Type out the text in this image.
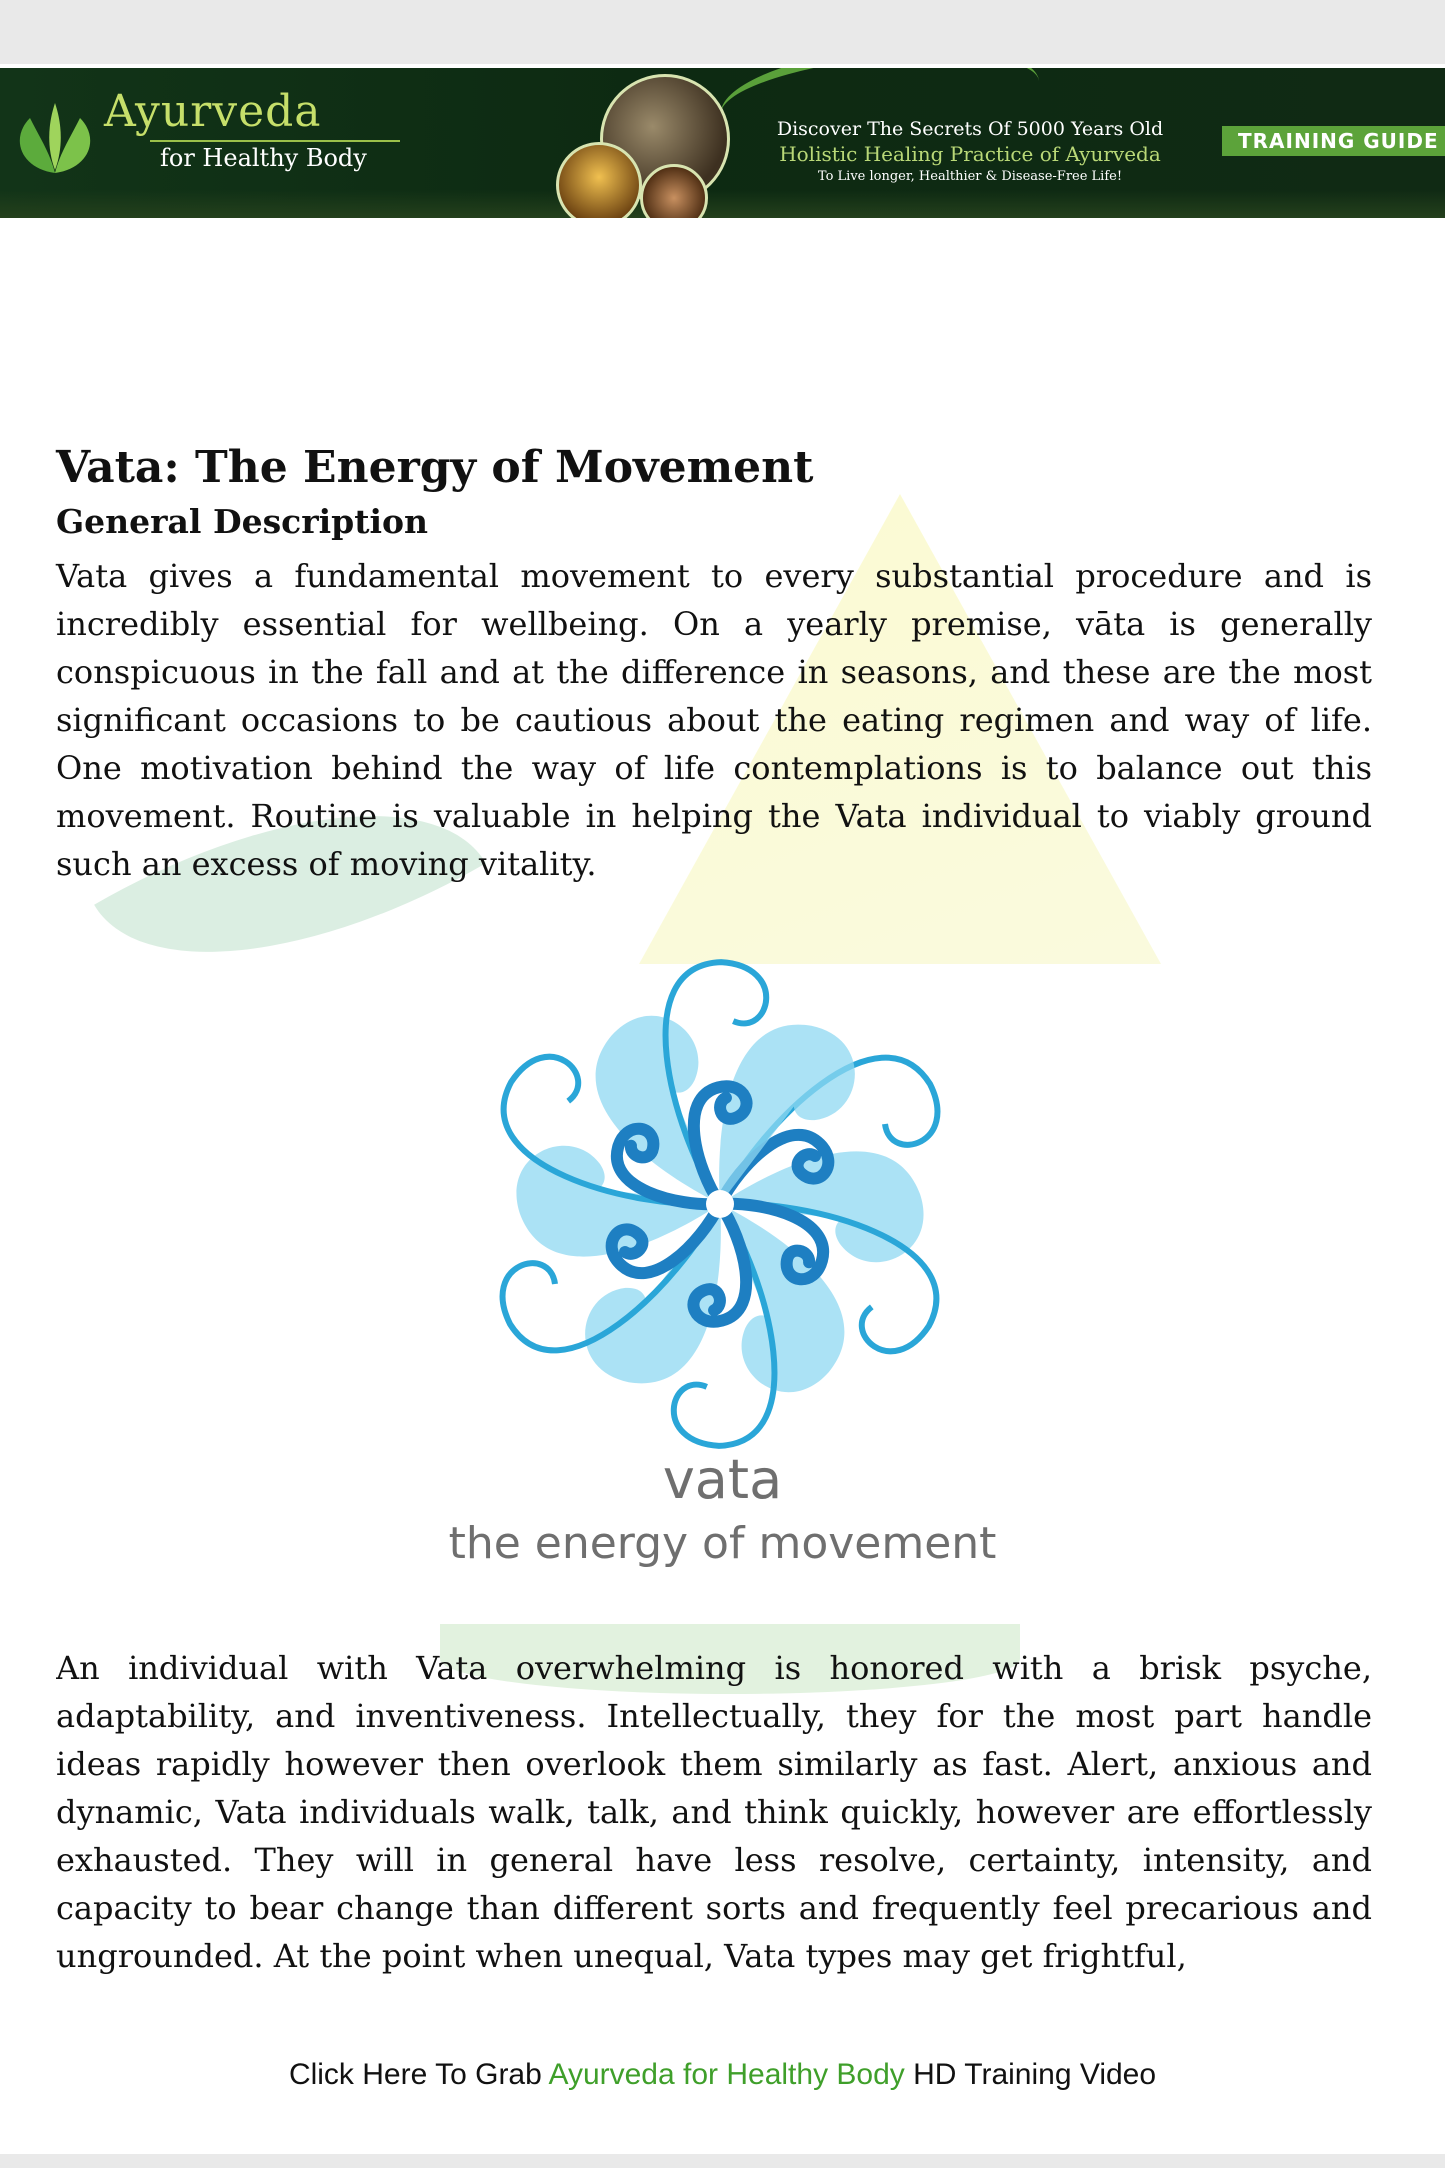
Ayurveda
for Healthy Body
Discover The Secrets Of 5000 Years Old
Holistic Healing Practice of Ayurveda
To Live longer, Healthier & Disease-Free Life!
TRAINING GUIDE
Vata: The Energy of Movement
General Description

Vata gives a fundamental movement to every substantial procedure and is incredibly essential for wellbeing. On a yearly premise, vāta is generally conspicuous in the fall and at the difference in seasons, and these are the most significant occasions to be cautious about the eating regimen and way of life. One motivation behind the way of life contemplations is to balance out this movement. Routine is valuable in helping the Vata individual to viably ground such an excess of moving vitality.

vata
the energy of movement

An individual with Vata overwhelming is honored with a brisk psyche, adaptability, and inventiveness. Intellectually, they for the most part handle ideas rapidly however then overlook them similarly as fast. Alert, anxious and dynamic, Vata individuals walk, talk, and think quickly, however are effortlessly exhausted. They will in general have less resolve, certainty, intensity, and capacity to bear change than different sorts and frequently feel precarious and ungrounded. At the point when unequal, Vata types may get frightful,

Click Here To Grab Ayurveda for Healthy Body HD Training Video
